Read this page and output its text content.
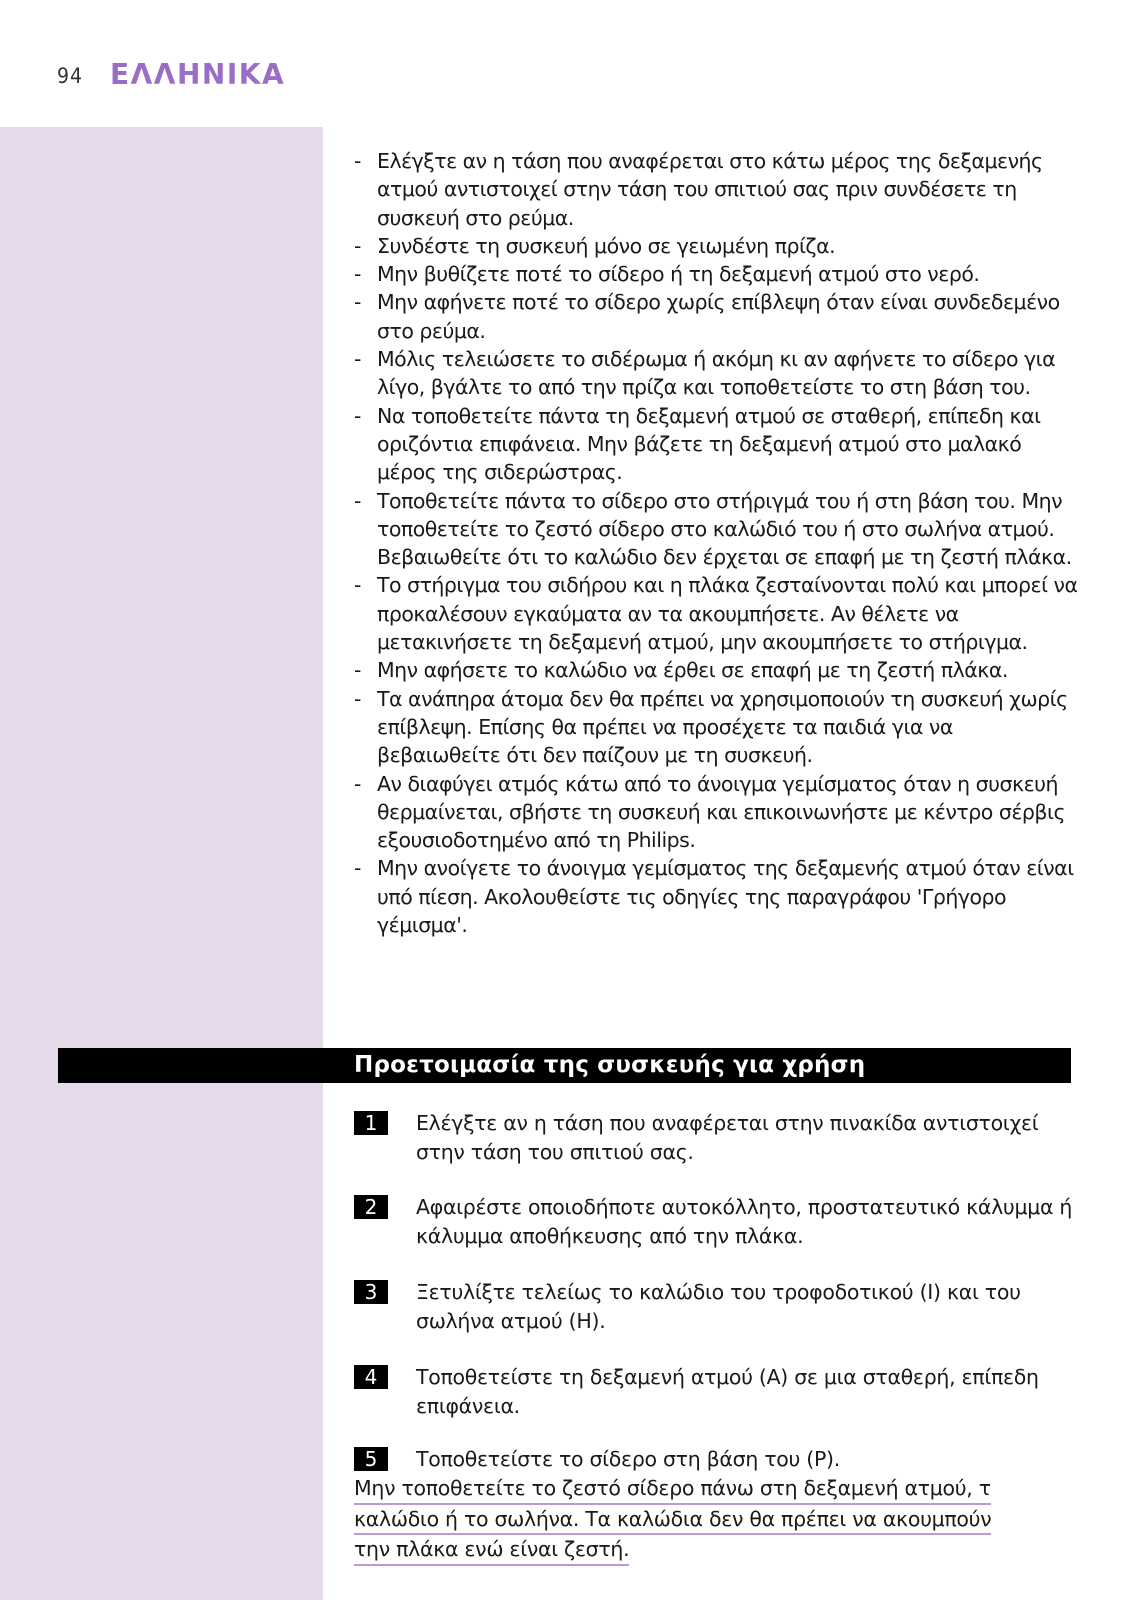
94 ΕΛΛΗΝΙΚΑ
- Ελέγξτε αν η τάση που αναφέρεται στο κάτω μέρος της δεξαμενής ατμού αντιστοιχεί στην τάση του σπιτιού σας πριν συνδέσετε τη συσκευή στο ρεύμα.
- Συνδέστε τη συσκευή μόνο σε γειωμένη πρίζα.
- Μην βυθίζετε ποτέ το σίδερο ή τη δεξαμενή ατμού στο νερό.
- Μην αφήνετε ποτέ το σίδερο χωρίς επίβλεψη όταν είναι συνδεδεμένο στο ρεύμα.
- Μόλις τελειώσετε το σιδέρωμα ή ακόμη κι αν αφήνετε το σίδερο για λίγο, βγάλτε το από την πρίζα και τοποθετείστε το στη βάση του.
- Να τοποθετείτε πάντα τη δεξαμενή ατμού σε σταθερή, επίπεδη και οριζόντια επιφάνεια. Μην βάζετε τη δεξαμενή ατμού στο μαλακό μέρος της σιδερώστρας.
- Τοποθετείτε πάντα το σίδερο στο στήριγμά του ή στη βάση του. Μην τοποθετείτε το ζεστό σίδερο στο καλώδιό του ή στο σωλήνα ατμού. Βεβαιωθείτε ότι το καλώδιο δεν έρχεται σε επαφή με τη ζεστή πλάκα.
- Το στήριγμα του σιδήρου και η πλάκα ζεσταίνονται πολύ και μπορεί να προκαλέσουν εγκαύματα αν τα ακουμπήσετε. Αν θέλετε να μετακινήσετε τη δεξαμενή ατμού, μην ακουμπήσετε το στήριγμα.
- Μην αφήσετε το καλώδιο να έρθει σε επαφή με τη ζεστή πλάκα.
- Τα ανάπηρα άτομα δεν θα πρέπει να χρησιμοποιούν τη συσκευή χωρίς επίβλεψη. Επίσης θα πρέπει να προσέχετε τα παιδιά για να βεβαιωθείτε ότι δεν παίζουν με τη συσκευή.
- Αν διαφύγει ατμός κάτω από το άνοιγμα γεμίσματος όταν η συσκευή θερμαίνεται, σβήστε τη συσκευή και επικοινωνήστε με κέντρο σέρβις εξουσιοδοτημένο από τη Philips.
- Μην ανοίγετε το άνοιγμα γεμίσματος της δεξαμενής ατμού όταν είναι υπό πίεση. Ακολουθείστε τις οδηγίες της παραγράφου 'Γρήγορο γέμισμα'.
Προετοιμασία της συσκευής για χρήση
1	Ελέγξτε αν η τάση που αναφέρεται στην πινακίδα αντιστοιχεί στην τάση του σπιτιού σας.
2	Αφαιρέστε οποιοδήποτε αυτοκόλλητο, προστατευτικό κάλυμμα ή κάλυμμα αποθήκευσης από την πλάκα.
3	Ξετυλίξτε τελείως το καλώδιο του τροφοδοτικού (I) και του σωλήνα ατμού (H).
4	Τοποθετείστε τη δεξαμενή ατμού (A) σε μια σταθερή, επίπεδη επιφάνεια.
5	Τοποθετείστε το σίδερο στη βάση του (P).
Μην τοποθετείτε το ζεστό σίδερο πάνω στη δεξαμενή ατμού, τ
καλώδιο ή το σωλήνα. Τα καλώδια δεν θα πρέπει να ακουμπούν
την πλάκα ενώ είναι ζεστή.
